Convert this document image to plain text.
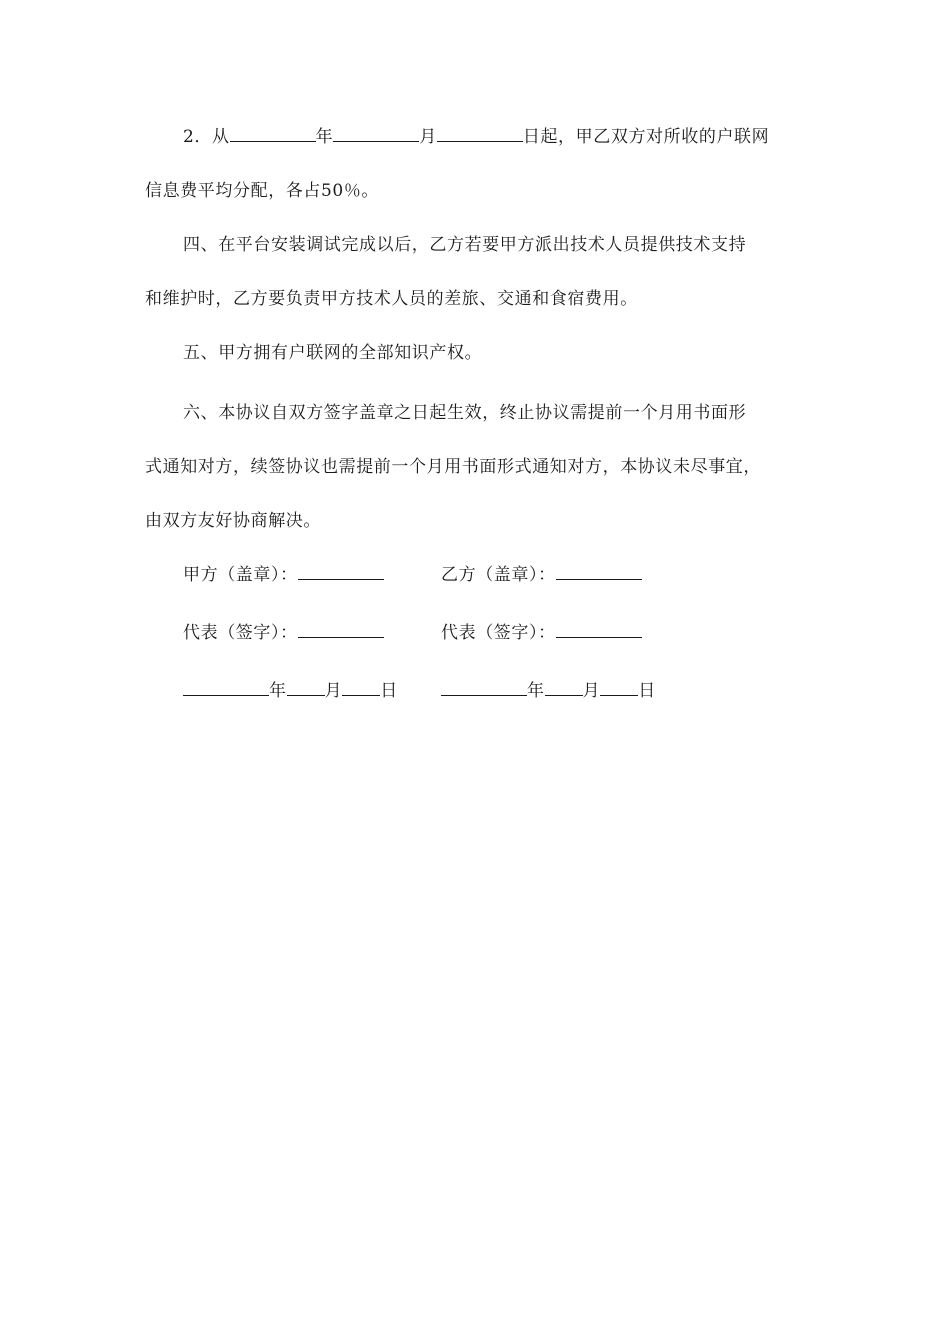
2．从	年	月	日起，甲乙双方对所收的户联网
信息费平均分配，各占50％。
四、在平台安装调试完成以后，乙方若要甲方派出技术人员提供技术支持
和维护时，乙方要负责甲方技术人员的差旅、交通和食宿费用。
五、甲方拥有户联网的全部知识产权。
六、本协议自双方签字盖章之日起生效，终止协议需提前一个月用书面形
式通知对方，续签协议也需提前一个月用书面形式通知对方，本协议未尽事宜，
由双方友好协商解决。
甲方（盖章）：	乙方（盖章）：
代表（签字）：	代表（签字）：
年 月 日	年 月 日
